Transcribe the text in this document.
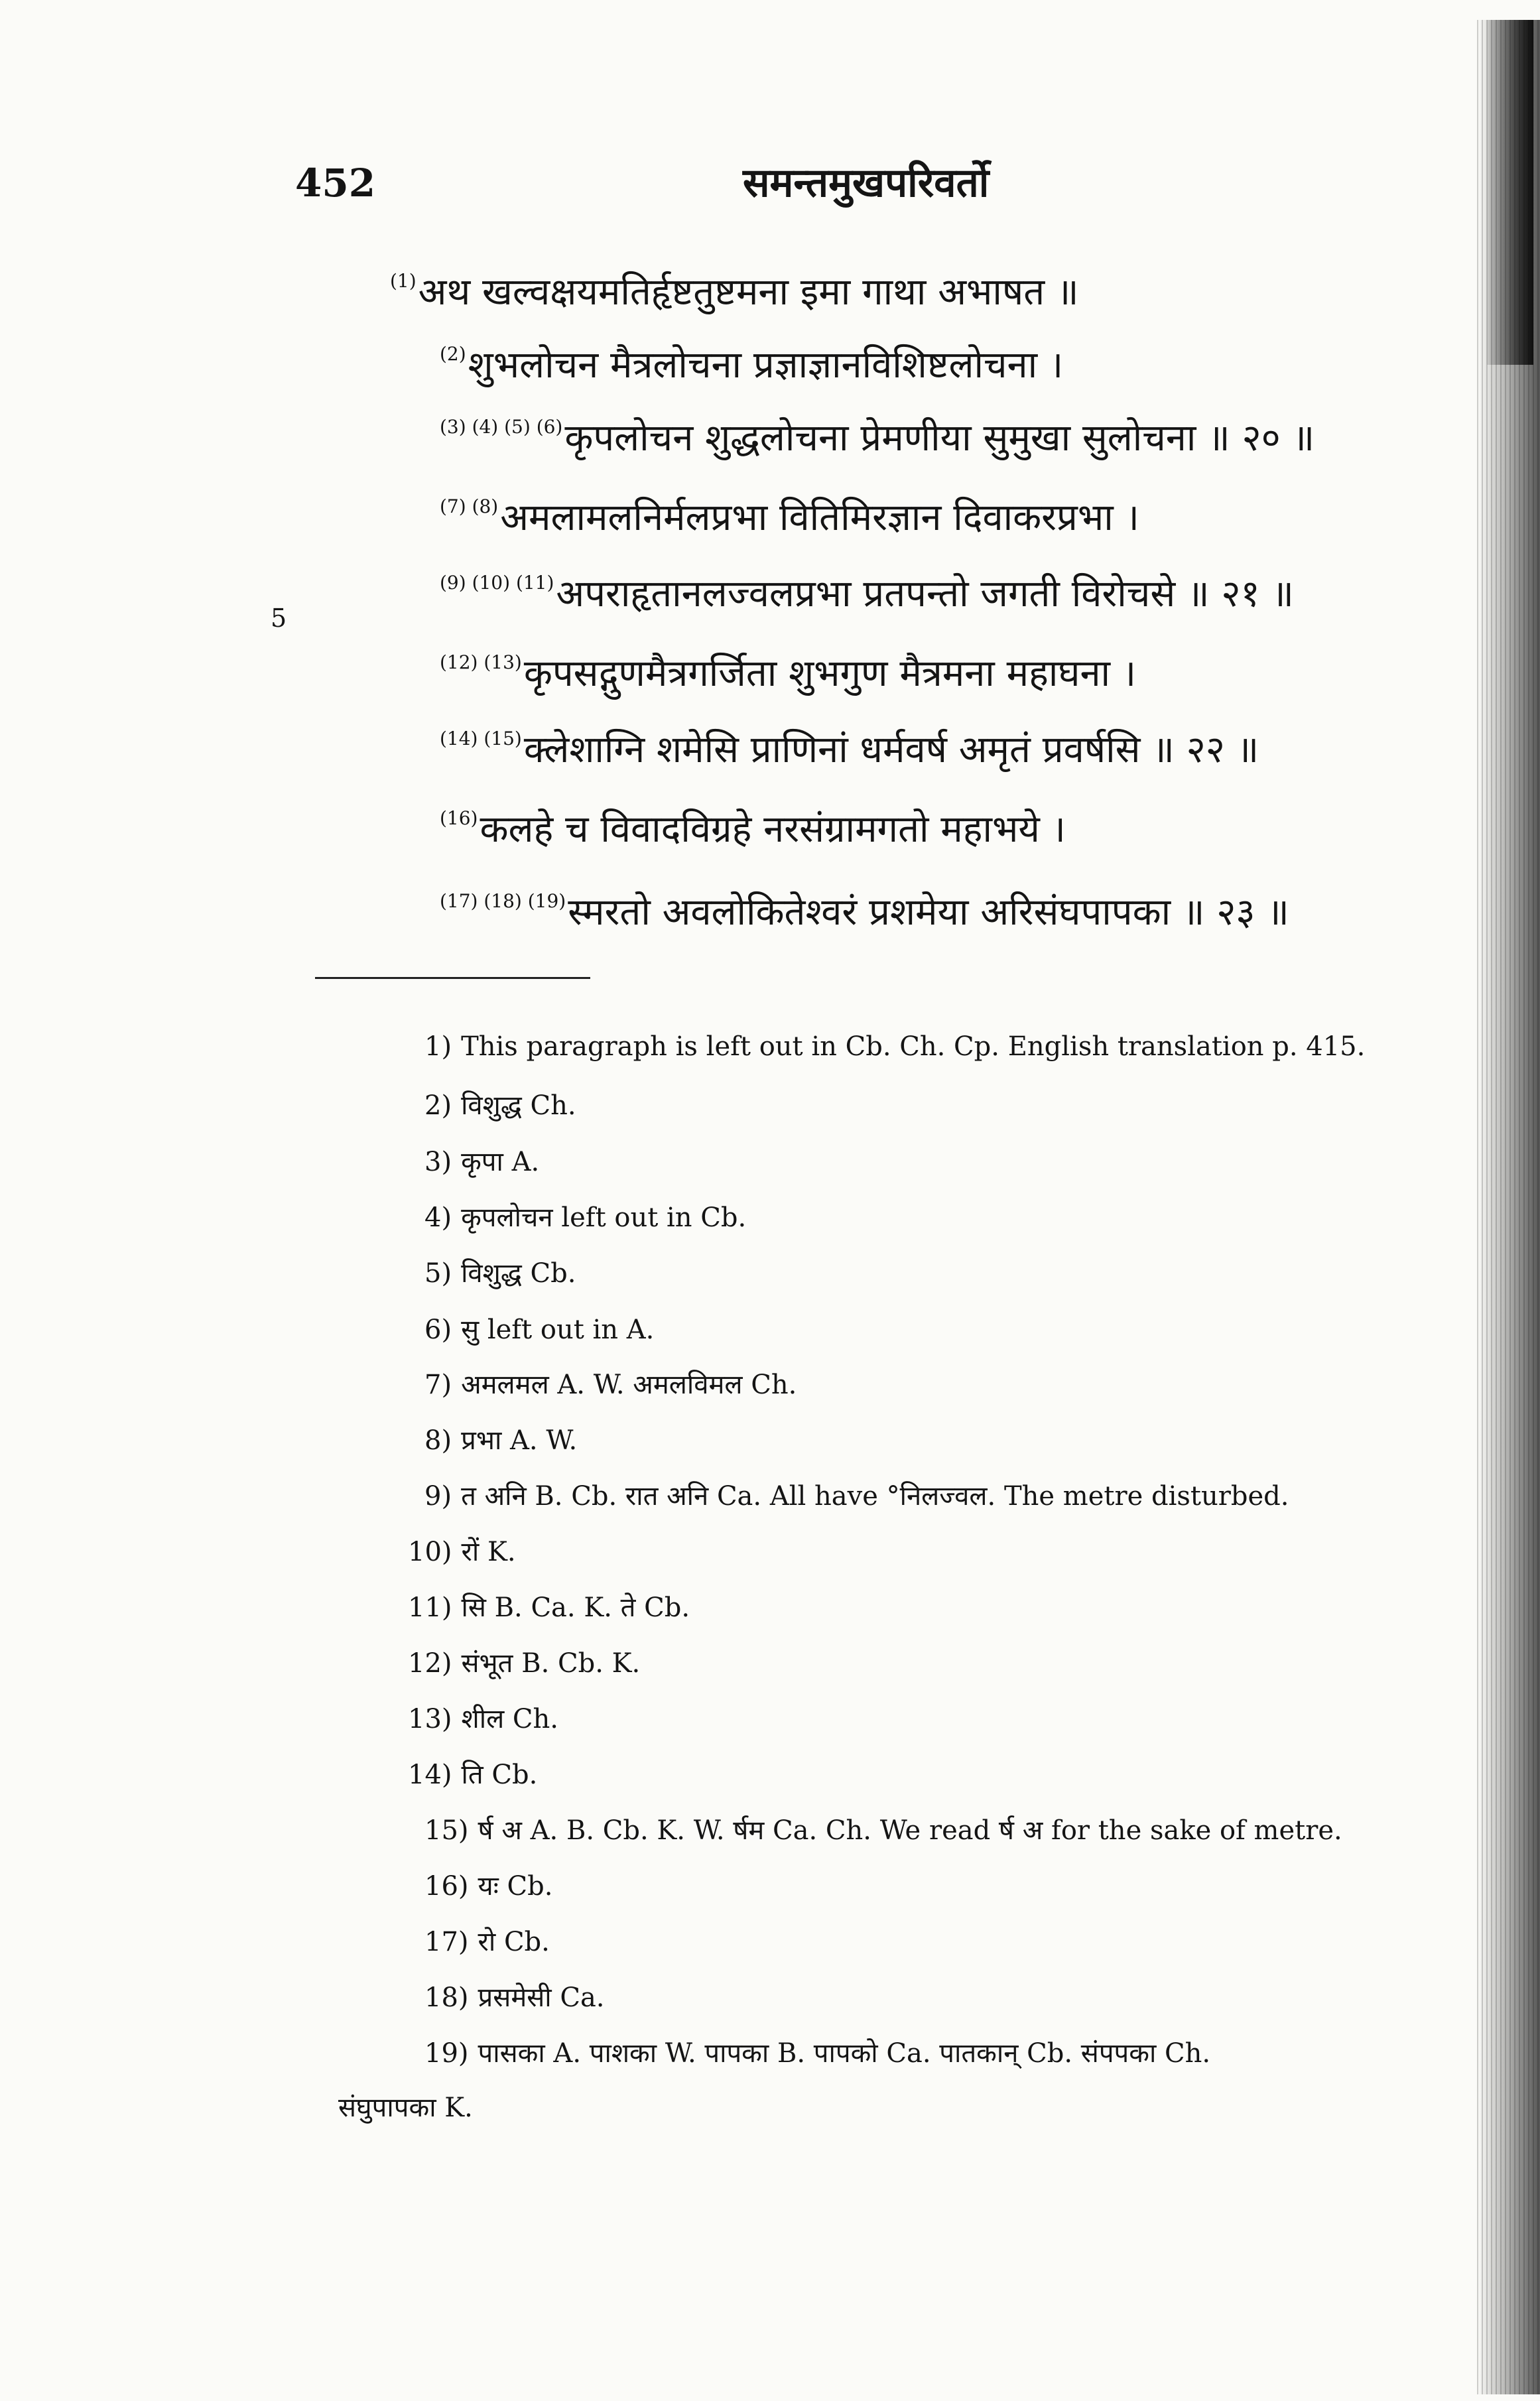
452	समन्तमुखपरिवर्तो
5
$^{(1)}$अथ खल्वक्षयमतिर्हृष्टतुष्टमना इमा गाथा अभाषत ॥
$^{(2)}$शुभलोचन मैत्रलोचना प्रज्ञाज्ञानविशिष्टलोचना ।
$^{(3) (4) (5) (6)}$कृपलोचन शुद्धलोचना प्रेमणीया सुमुखा सुलोचना ॥ २० ॥
$^{(7) (8)}$अमलामलनिर्मलप्रभा वितिमिरज्ञान दिवाकरप्रभा ।
$^{(9) (10) (11)}$अपराहृतानलज्वलप्रभा प्रतपन्तो जगती विरोचसे ॥ २१ ॥
$^{(12) (13)}$कृपसद्गुणमैत्रगर्जिता शुभगुण मैत्रमना महाघना ।
$^{(14) (15)}$क्लेशाग्नि शमेसि प्राणिनां धर्मवर्ष अमृतं प्रवर्षसि ॥ २२ ॥
$^{(16)}$कलहे च विवादविग्रहे नरसंग्रामगतो महाभये ।
$^{(17) (18) (19)}$स्मरतो अवलोकितेश्वरं प्रशमेया अरिसंघपापका ॥ २३ ॥
1) This paragraph is left out in Cb. Ch. Cp. English translation p. 415.
2) विशुद्ध Ch.
3) कृपा A.
4) कृपलोचन left out in Cb.
5) विशुद्ध Cb.
6) सु left out in A.
7) अमलमल A. W. अमलविमल Ch.
8) प्रभा A. W.
9) त अनि B. Cb. रात अनि Ca. All have °निलज्वल. The metre disturbed.
10) रों K.
11) सि B. Ca. K. ते Cb.
12) संभूत B. Cb. K.
13) शील Ch.
14) ति Cb.
15) र्ष अ A. B. Cb. K. W. र्षम Ca. Ch. We read र्ष अ for the sake of metre.
16) यः Cb.
17) रो Cb.
18) प्रसमेसी Ca.
19) पासका A. पाशका W. पापका B. पापको Ca. पातकान् Cb. संपपका Ch.
संघुपापका K.
